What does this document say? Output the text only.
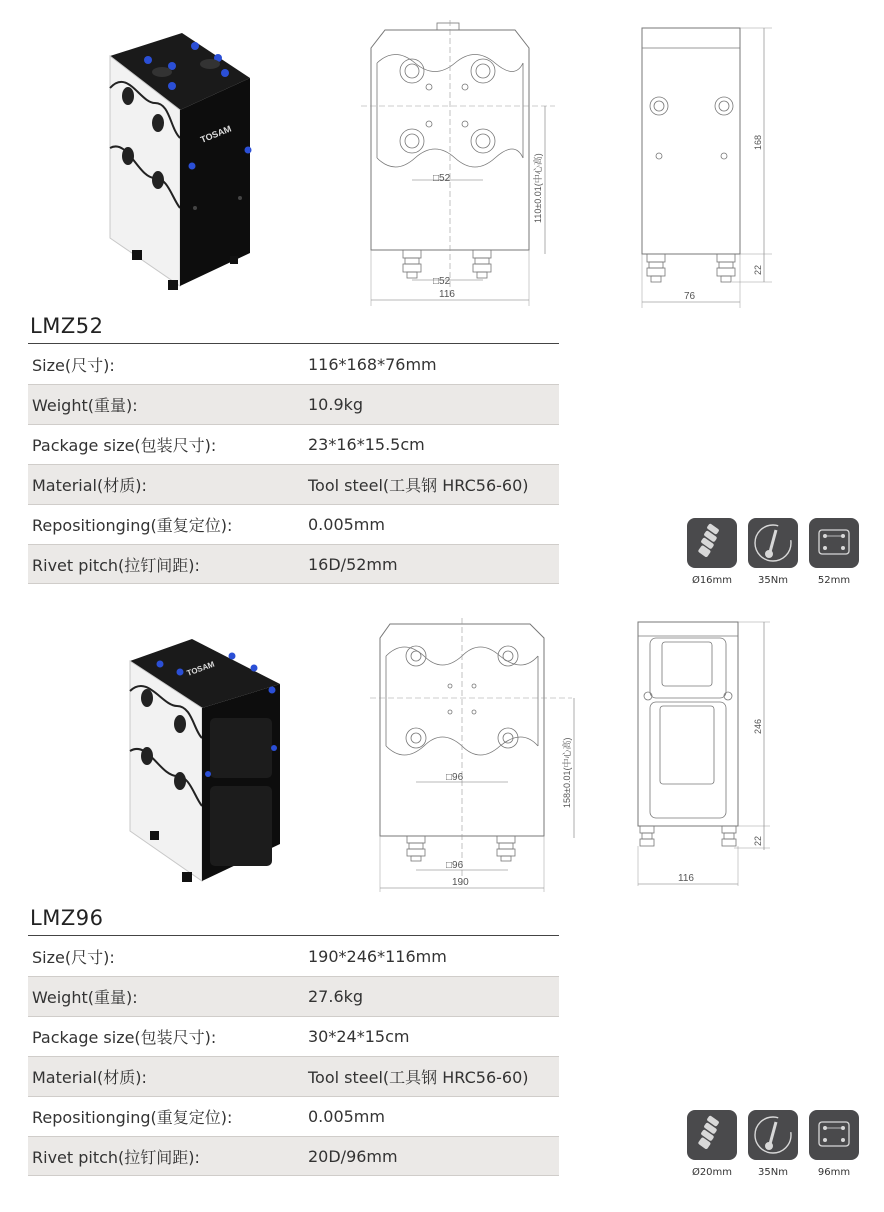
TOSAM
□52
□52
116
110±0.01(中心高)
168
22
76
LMZ52
Size(尺寸):	116*168*76mm
Weight(重量):	10.9kg
Package size(包装尺寸):	23*16*15.5cm
Material(材质):	Tool steel(工具钢 HRC56-60)
Repositionging(重复定位):	0.005mm
Rivet pitch(拉钉间距):	16D/52mm
Ø16mm	35Nm	52mm
TOSAM
□96
□96
190
158±0.01(中心高)
246
22
116
LMZ96
Size(尺寸):	190*246*116mm
Weight(重量):	27.6kg
Package size(包装尺寸):	30*24*15cm
Material(材质):	Tool steel(工具钢 HRC56-60)
Repositionging(重复定位):	0.005mm
Rivet pitch(拉钉间距):	20D/96mm
Ø20mm	35Nm	96mm
